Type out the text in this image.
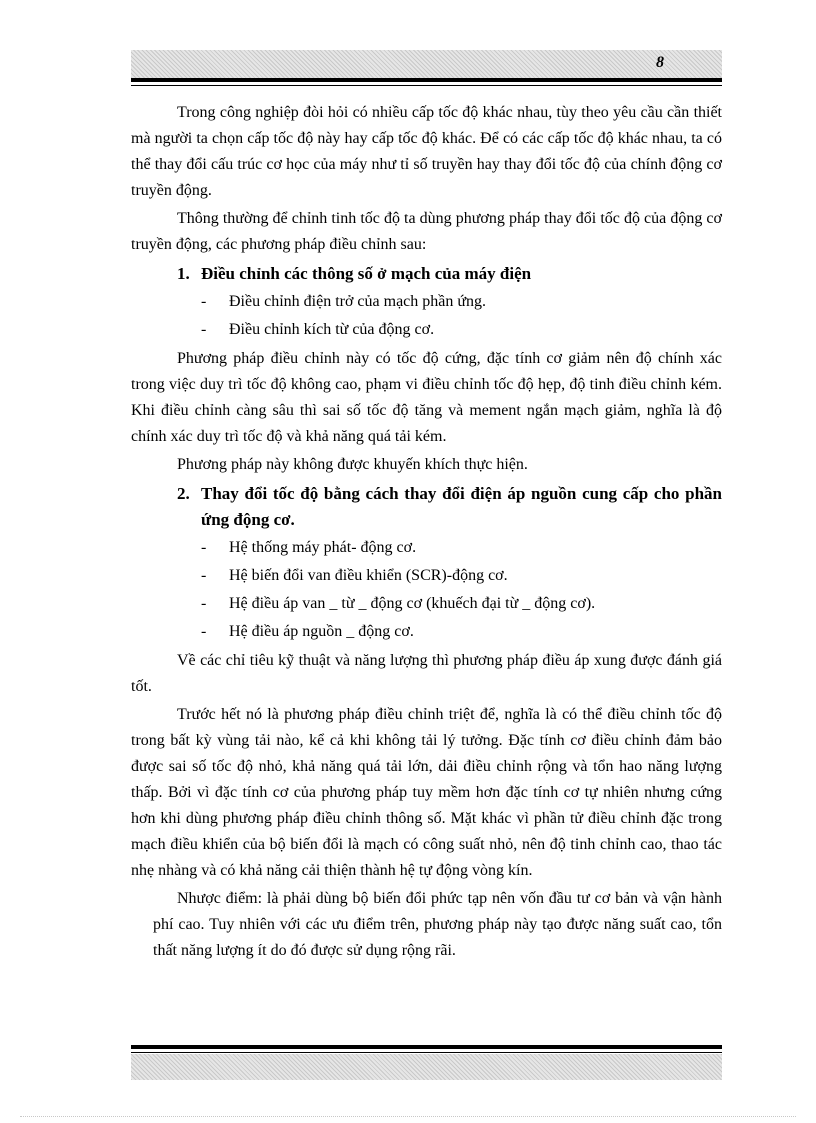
8

Trong công nghiệp đòi hỏi có nhiều cấp tốc độ khác nhau, tùy theo yêu cầu cần thiết mà người ta chọn cấp tốc độ này hay cấp tốc độ khác. Để có các cấp tốc độ khác nhau, ta có thể thay đổi cấu trúc cơ học của máy như tỉ số truyền hay thay đổi tốc độ của chính động cơ truyền động.

Thông thường để chỉnh tinh tốc độ ta dùng phương pháp thay đổi tốc độ của động cơ truyền động, các phương pháp điều chỉnh sau:

1. Điều chỉnh các thông số ở mạch của máy điện
- Điều chỉnh điện trở của mạch phần ứng.
- Điều chỉnh kích từ của động cơ.

Phương pháp điều chỉnh này có tốc độ cứng, đặc tính cơ giảm nên độ chính xác trong việc duy trì tốc độ không cao, phạm vi điều chỉnh tốc độ hẹp, độ tinh điều chỉnh kém. Khi điều chỉnh càng sâu thì sai số tốc độ tăng và mement ngắn mạch giảm, nghĩa là độ chính xác duy trì tốc độ và khả năng quá tải kém.

Phương pháp này không được khuyến khích thực hiện.

2. Thay đổi tốc độ bằng cách thay đổi điện áp nguồn cung cấp cho phần ứng động cơ.
- Hệ thống máy phát- động cơ.
- Hệ biến đổi van điều khiển (SCR)-động cơ.
- Hệ điều áp van _ từ _ động cơ (khuếch đại từ _ động cơ).
- Hệ điều áp nguồn _ động cơ.

Về các chỉ tiêu kỹ thuật và năng lượng thì phương pháp điều áp xung được đánh giá tốt.

Trước hết nó là phương pháp điều chỉnh triệt để, nghĩa là có thể điều chỉnh tốc độ trong bất kỳ vùng tải nào, kể cả khi không tải lý tưởng. Đặc tính cơ điều chỉnh đảm bảo được sai số tốc độ nhỏ, khả năng quá tải lớn, dải điều chỉnh rộng và tổn hao năng lượng thấp. Bởi vì đặc tính cơ của phương pháp tuy mềm hơn đặc tính cơ tự nhiên nhưng cứng hơn khi dùng phương pháp điều chỉnh thông số. Mặt khác vì phần tử điều chỉnh đặc trong mạch điều khiển của bộ biến đổi là mạch có công suất nhỏ, nên độ tinh chỉnh cao, thao tác nhẹ nhàng và có khả năng cải thiện thành hệ tự động vòng kín.

Nhược điểm: là phải dùng bộ biến đổi phức tạp nên vốn đầu tư cơ bản và vận hành phí cao. Tuy nhiên với các ưu điểm trên, phương pháp này tạo được năng suất cao, tổn thất năng lượng ít do đó được sử dụng rộng rãi.
